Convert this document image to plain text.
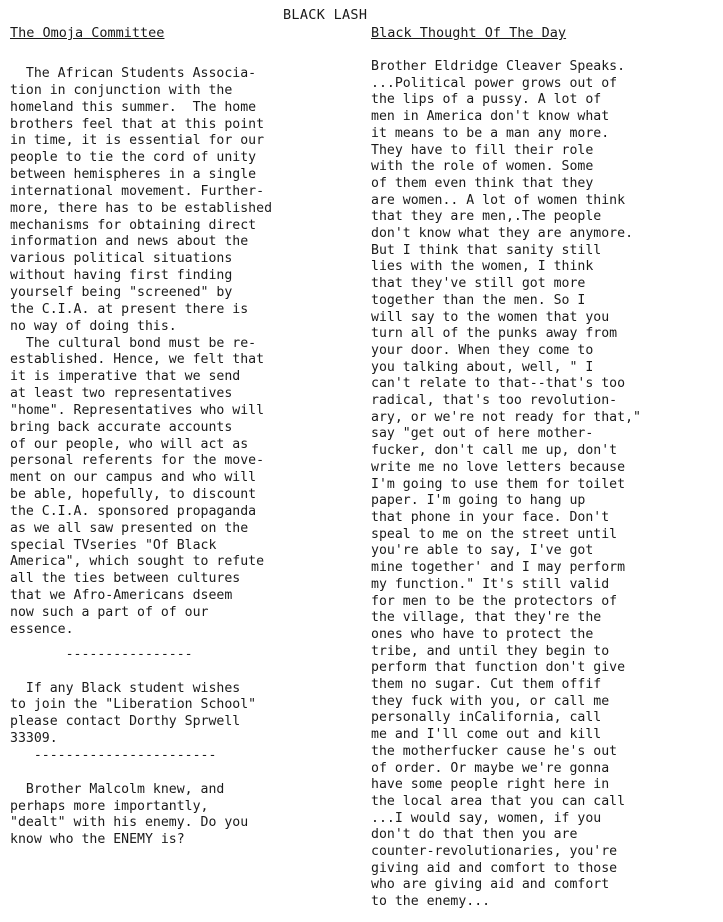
BLACK LASH
The Omoja Committee
The African Students Associa-
tion in conjunction with the
homeland this summer.  The home
brothers feel that at this point
in time, it is essential for our
people to tie the cord of unity
between hemispheres in a single
international movement. Further-
more, there has to be established
mechanisms for obtaining direct
information and news about the
various political situations
without having first finding
yourself being "screened" by
the C.I.A. at present there is
no way of doing this.
The cultural bond must be re-
established. Hence, we felt that
it is imperative that we send
at least two representatives
"home". Representatives who will
bring back accurate accounts
of our people, who will act as
personal referents for the move-
ment on our campus and who will
be able, hopefully, to discount
the C.I.A. sponsored propaganda
as we all saw presented on the
special TVseries "Of Black
America", which sought to refute
all the ties between cultures
that we Afro-Americans dseem
now such a part of of our
essence.
----------------
If any Black student wishes
to join the "Liberation School"
please contact Dorthy Sprwell
33309.
-----------------------
Brother Malcolm knew, and
perhaps more importantly,
"dealt" with his enemy. Do you
know who the ENEMY is?
Black Thought Of The Day
Brother Eldridge Cleaver Speaks.
...Political power grows out of
the lips of a pussy. A lot of
men in America don't know what
it means to be a man any more.
They have to fill their role
with the role of women. Some
of them even think that they
are women.. A lot of women think
that they are men,.The people
don't know what they are anymore.
But I think that sanity still
lies with the women, I think
that they've still got more
together than the men. So I
will say to the women that you
turn all of the punks away from
your door. When they come to
you talking about, well, " I
can't relate to that--that's too
radical, that's too revolution-
ary, or we're not ready for that,"
say "get out of here mother-
fucker, don't call me up, don't
write me no love letters because
I'm going to use them for toilet
paper. I'm going to hang up
that phone in your face. Don't
speal to me on the street until
you're able to say, I've got
mine together' and I may perform
my function." It's still valid
for men to be the protectors of
the village, that they're the
ones who have to protect the
tribe, and until they begin to
perform that function don't give
them no sugar. Cut them offif
they fuck with you, or call me
personally inCalifornia, call
me and I'll come out and kill
the motherfucker cause he's out
of order. Or maybe we're gonna
have some people right here in
the local area that you can call
...I would say, women, if you
don't do that then you are
counter-revolutionaries, you're
giving aid and comfort to those
who are giving aid and comfort
to the enemy...
